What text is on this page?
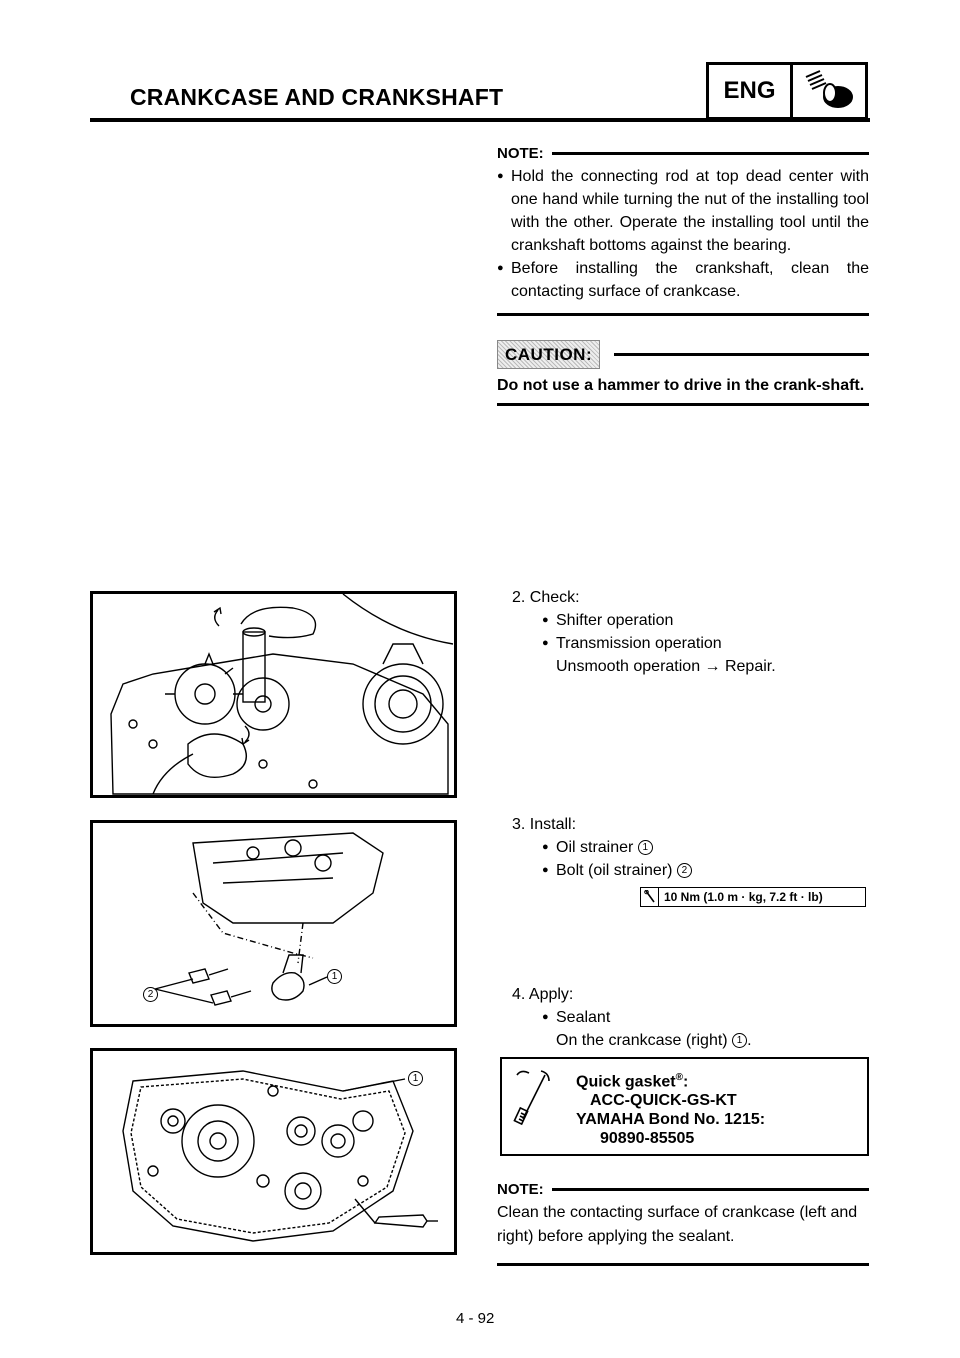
CRANKCASE AND CRANKSHAFT	ENG
NOTE:
● Hold the connecting rod at top dead center with one hand while turning the nut of the installing tool with the other. Operate the installing tool until the crankshaft bottoms against the bearing.
● Before installing the crankshaft, clean the contacting surface of crankcase.
CAUTION:
Do not use a hammer to drive in the crank-shaft.
2. Check:
● Shifter operation
● Transmission operation
Unsmooth operation → Repair.
3. Install:
● Oil strainer 1
● Bolt (oil strainer) 2
10 Nm (1.0 m · kg, 7.2 ft · lb)
4. Apply:
● Sealant
On the crankcase (right) 1 .
Quick gasket®:
ACC-QUICK-GS-KT
YAMAHA Bond No. 1215:
90890-85505
NOTE:
Clean the contacting surface of crankcase (left and right) before applying the sealant.
2
1
1
4 - 92
